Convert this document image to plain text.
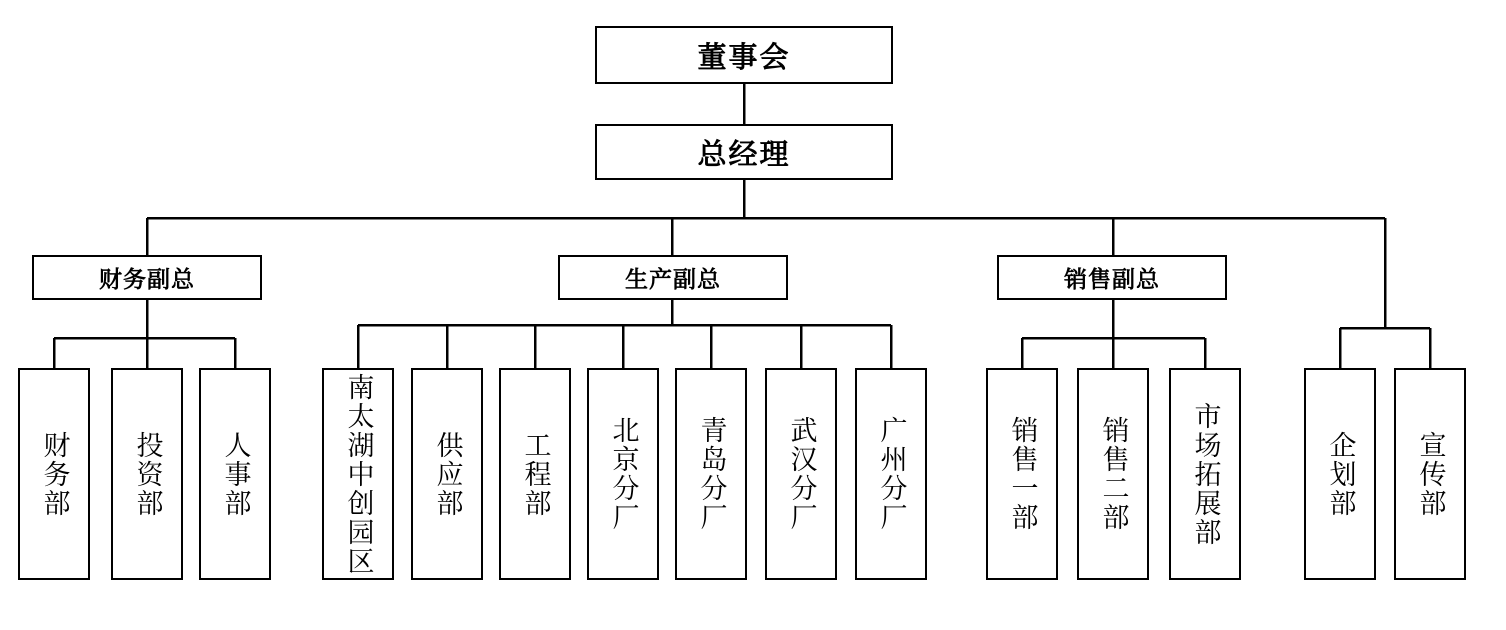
董事会
总经理
财务副总	生产副总	销售副总
财务部 投资部 人事部	南太湖中创园区 供应部 工程部 北京分厂 青岛分厂 武汉分厂 广州分厂	销售一部 销售二部 市场拓展部	企划部 宣传部
